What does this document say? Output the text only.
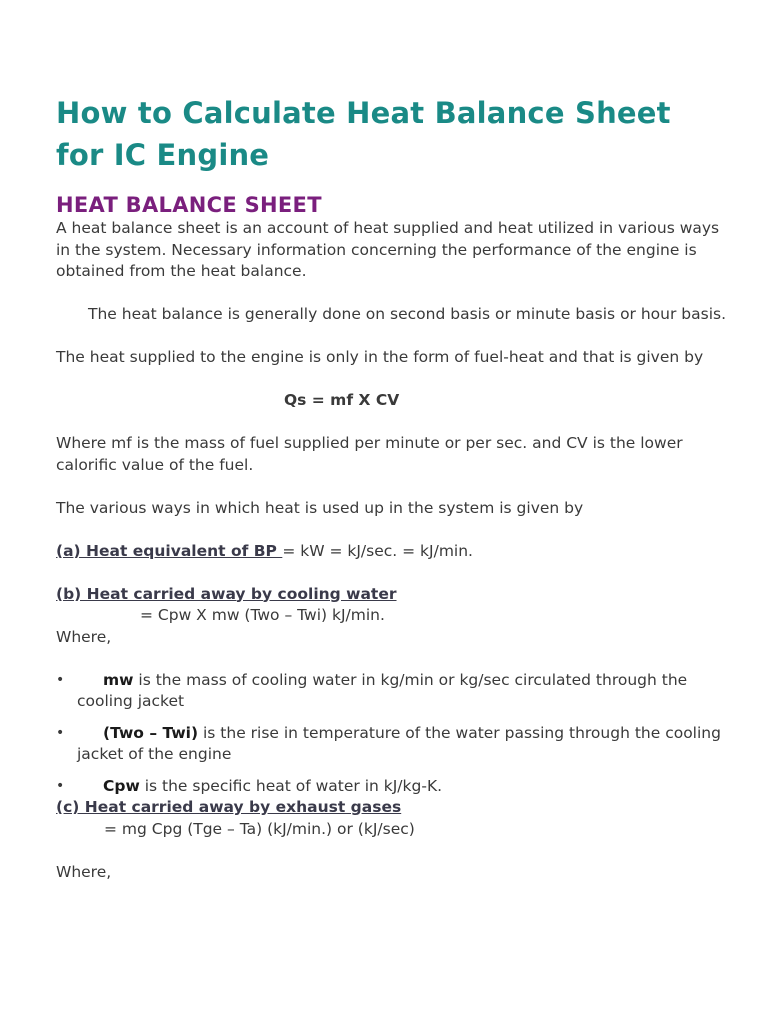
How to Calculate Heat Balance Sheet for IC Engine
HEAT BALANCE SHEET

A heat balance sheet is an account of heat supplied and heat utilized in various ways in the system. Necessary information concerning the performance of the engine is obtained from the heat balance.

The heat balance is generally done on second basis or minute basis or hour basis.

The heat supplied to the engine is only in the form of fuel-heat and that is given by

Qs = mf X CV

Where mf is the mass of fuel supplied per minute or per sec. and CV is the lower calorific value of the fuel.

The various ways in which heat is used up in the system is given by

(a) Heat equivalent of BP = kW = kJ/sec. = kJ/min.

(b) Heat carried away by cooling water

= Cpw X mw (Two – Twi) kJ/min.

Where,

• mw is the mass of cooling water in kg/min or kg/sec circulated through the cooling jacket
• (Two – Twi) is the rise in temperature of the water passing through the cooling jacket of the engine
• Cpw is the specific heat of water in kJ/kg-K.

(c) Heat carried away by exhaust gases

= mg Cpg (Tge – Ta) (kJ/min.) or (kJ/sec)

Where,
